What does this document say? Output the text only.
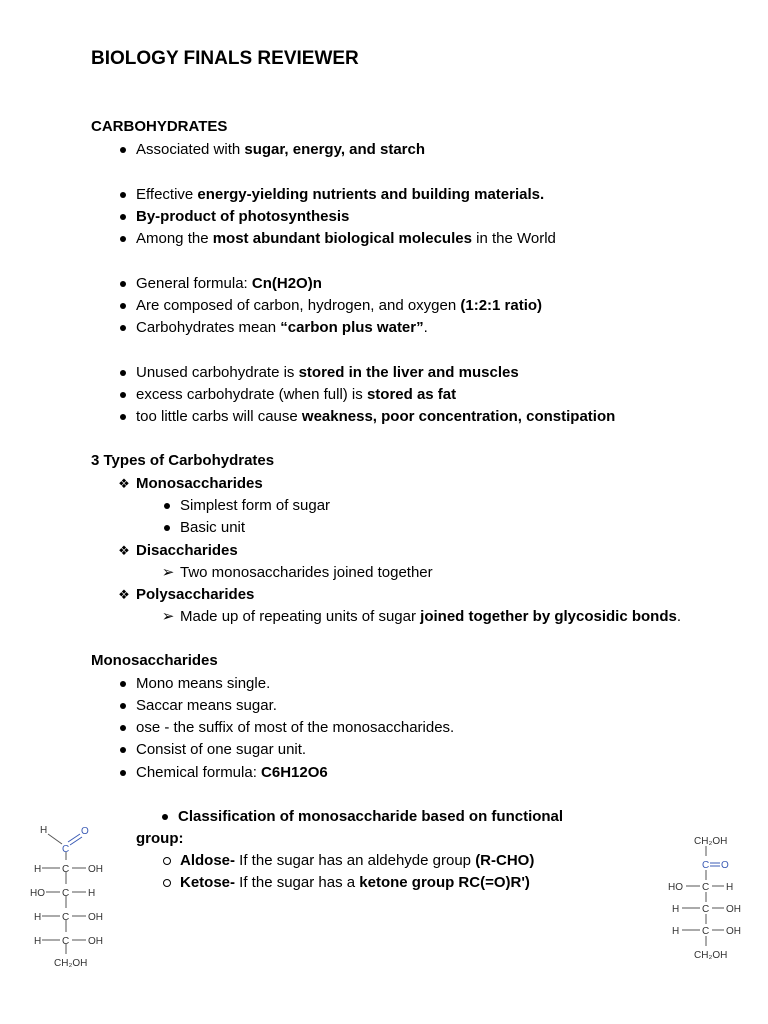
BIOLOGY FINALS REVIEWER
CARBOHYDRATES
Associated with sugar, energy, and starch
Effective energy-yielding nutrients and building materials.
By-product of photosynthesis
Among the most abundant biological molecules in the World
General formula: Cn(H2O)n
Are composed of carbon, hydrogen, and oxygen (1:2:1 ratio)
Carbohydrates mean “carbon plus water”.
Unused carbohydrate is stored in the liver and muscles
excess carbohydrate (when full) is stored as fat
too little carbs will cause weakness, poor concentration, constipation
3 Types of Carbohydrates
❖ Monosaccharides
Simplest form of sugar
Basic unit
❖ Disaccharides
➢ Two monosaccharides joined together
❖ Polysaccharides
➢ Made up of repeating units of sugar joined together by glycosidic bonds.
Monosaccharides
Mono means single.
Saccar means sugar.
ose - the suffix of most of the monosaccharides.
Consist of one sugar unit.
Chemical formula: C6H12O6
Classification of monosaccharide based on functional
group:
Aldose- If the sugar has an aldehyde group (R-CHO)
Ketose- If the sugar has a ketone group RC(=O)R')
H	O
C
H C OH
HO C H
H C OH
H C OH
CH₂OH
CH₂OH
C O
HO C H
H C OH
H C OH
CH₂OH
